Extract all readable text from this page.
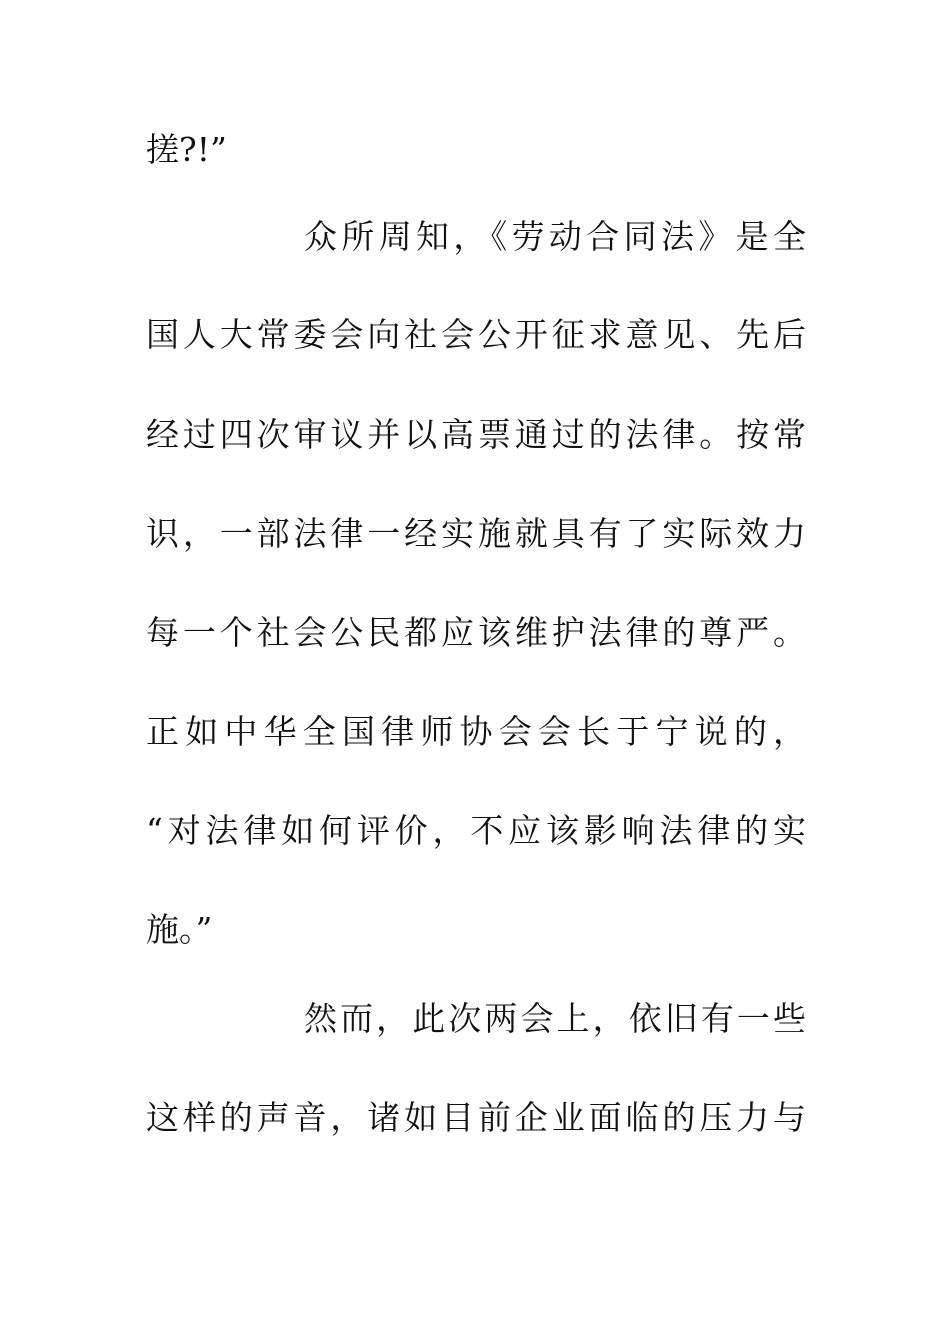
搓?!”
众所周知，《劳动合同法》是全
国人大常委会向社会公开征求意见、先后
经过四次审议并以高票通过的法律。按常
识，一部法律一经实施就具有了实际效力
每一个社会公民都应该维护法律的尊严。
正如中华全国律师协会会长于宁说的，
“对法律如何评价，不应该影响法律的实
施。”
然而，此次两会上，依旧有一些
这样的声音，诸如目前企业面临的压力与
